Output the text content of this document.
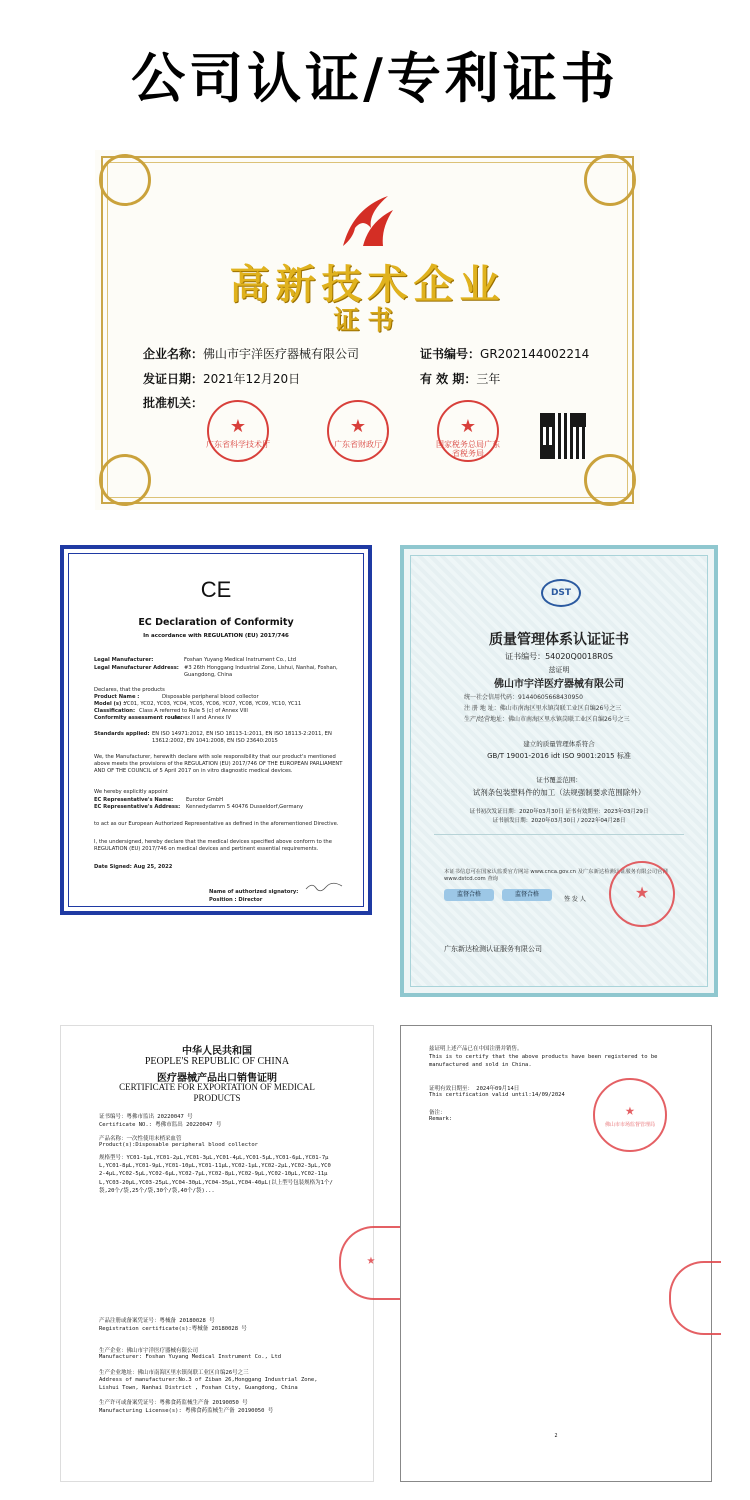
公司认证/专利证书
高新技术企业
证书
企业名称：佛山市宇洋医疗器械有限公司	证书编号：GR202144002214
发证日期：2021年12月20日	有 效 期：三年
批准机关：
★
广东省科学技术厅
★
广东省财政厅
★
国家税务总局广东省税务局
CE
EC Declaration of Conformity
In accordance with REGULATION (EU) 2017/746
Legal Manufacturer:	Foshan Yuyang Medical Instrument Co., Ltd
Legal Manufacturer Address: #3 26th Honggang Industrial Zone, Lishui, Nanhai, Foshan, Guangdong, China
Declares, that the products
Product Name :	Disposable peripheral blood collector
Model (s) :
YC01, YC02, YC03, YC04, YC05, YC06, YC07, YC08, YC09, YC10, YC11
Classification: Class A referred to Rule 5 (c) of Annex VIII
Conformity assessment route:
Annex II and Annex IV
Standards applied: EN ISO 14971:2012, EN ISO 18113-1:2011, EN ISO 18113-2:2011, EN 13612:2002, EN 1041:2008, EN ISO 23640:2015
We, the Manufacturer, herewith declare with sole responsibility that our product's mentioned above meets the provisions of the REGULATION (EU) 2017/746 OF THE EUROPEAN PARLIAMENT AND OF THE COUNCIL of 5 April 2017 on in vitro diagnostic medical devices.
We hereby explicitly appoint
EC Representative's Name: Eurotor GmbH
EC Representative's Address: Kennedydamm 5 40476 Dusseldorf,Germany
to act as our European Authorized Representative as defined in the aforementioned Directive.
I, the undersigned, hereby declare that the medical devices specified above conform to the REGULATION (EU) 2017/746 on medical devices and pertinent essential requirements.
Date Signed: Aug 25, 2022
Name of authorized signatory:
Position : Director
DST
质量管理体系认证证书
证书编号：54020Q0018R0S
兹证明
佛山市宇洋医疗器械有限公司
统一社会信用代码：91440605668430950
注 册 地 址：佛山市南海区里水镇岗联工业区自编26号之三
生产/经营地址：佛山市南海区里水镇岗联工业区自编26号之三
建立的质量管理体系符合
GB/T 19001-2016 idt ISO 9001:2015 标准
证书覆盖范围：
试剂条包装塑料件的加工（法规强制要求范围除外）
证书初次发证日期：2020年03月30日 证书有效期至：2023年03月29日
证书颁发日期：2020年03月30日 / 2022年04月28日
本证书信息可在国家认监委官方网站 www.cnca.gov.cn 及广东新达检测认证服务有限公司官网 www.dstcd.com 查询
监督合格	监督合格
签 发 人	★
广东新达检测认证服务有限公司
中华人民共和国
PEOPLE'S REPUBLIC OF CHINA
医疗器械产品出口销售证明
CERTIFICATE FOR EXPORTATION OF MEDICAL PRODUCTS
证书编号：粤佛市监出 20220047 号
Certificate NO.: 粤佛市监出 20220047 号
产品名称：一次性使用末梢采血管
Product(s):Disposable peripheral blood collector
规格型号：YC01-1μL,YC01-2μL,YC01-3μL,YC01-4μL,YC01-5μL,YC01-6μL,YC01-7μL,YC01-8μL,YC01-9μL,YC01-10μL,YC01-11μL,YC02-1μL,YC02-2μL,YC02-3μL,YC02-4μL,YC02-5μL,YC02-6μL,YC02-7μL,YC02-8μL,YC02-9μL,YC02-10μL,YC02-11μL,YC03-20μL,YC03-25μL,YC04-30μL,YC04-35μL,YC04-40μL(以上型号包装规格为1个/袋,20个/袋,25个/袋,30个/袋,40个/袋)...
产品注册或备案凭证号：粤械备 20180028 号
Registration certificate(s):粤械备 20180028 号
生产企业：佛山市宇洋医疗器械有限公司
Manufacturer: Foshan Yuyang Medical Instrument Co., Ltd
生产企业地址：佛山市南海区里水镇岗联工业区自编26号之三
Address of manufacturer:No.3 of Ziban 26,Honggang Industrial Zone, Lishui Town, Nanhai District , Foshan City, Guangdong, China
生产许可或备案凭证号：粤佛食药监械生产备 20190050 号
Manufacturing License(s): 粤佛食药监械生产备 20190050 号
★
兹证明上述产品已在中国注册并销售。
This is to certify that the above products have been registered to be manufactured and sold in China.
证明有效日期至： 2024年09月14日
This certification valid until:14/09/2024
备注：
Remark:	★
佛山市市场监督管理局
2
